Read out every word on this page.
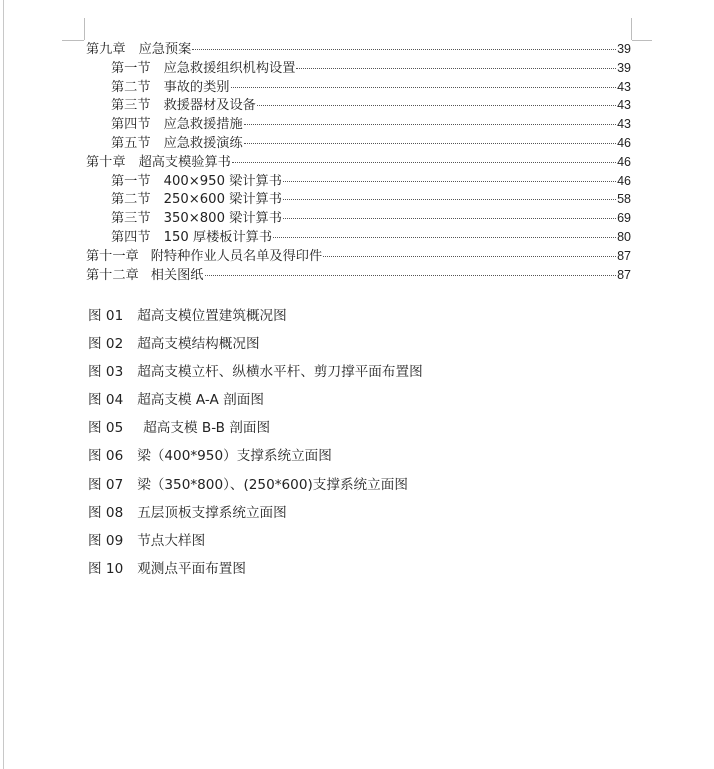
第九章 应急预案	39
第一节 应急救援组织机构设置	39
第二节 事故的类别	43
第三节 救援器材及设备	43
第四节 应急救援措施	43
第五节 应急救援演练	46
第十章 超高支模验算书	46
第一节 400×950 梁计算书	46
第二节 250×600 梁计算书	58
第三节 350×800 梁计算书	69
第四节 150 厚楼板计算书	80
第十一章 附特种作业人员名单及得印件	87
第十二章 相关图纸	87
图 01 超高支模位置建筑概况图
图 02 超高支模结构概况图
图 03 超高支模立杆、纵横水平杆、剪刀撑平面布置图
图 04 超高支模 A-A 剖面图
图 05 超高支模 B-B 剖面图
图 06 梁（400*950）支撑系统立面图
图 07 梁（350*800）、(250*600)支撑系统立面图
图 08 五层顶板支撑系统立面图
图 09 节点大样图
图 10 观测点平面布置图
